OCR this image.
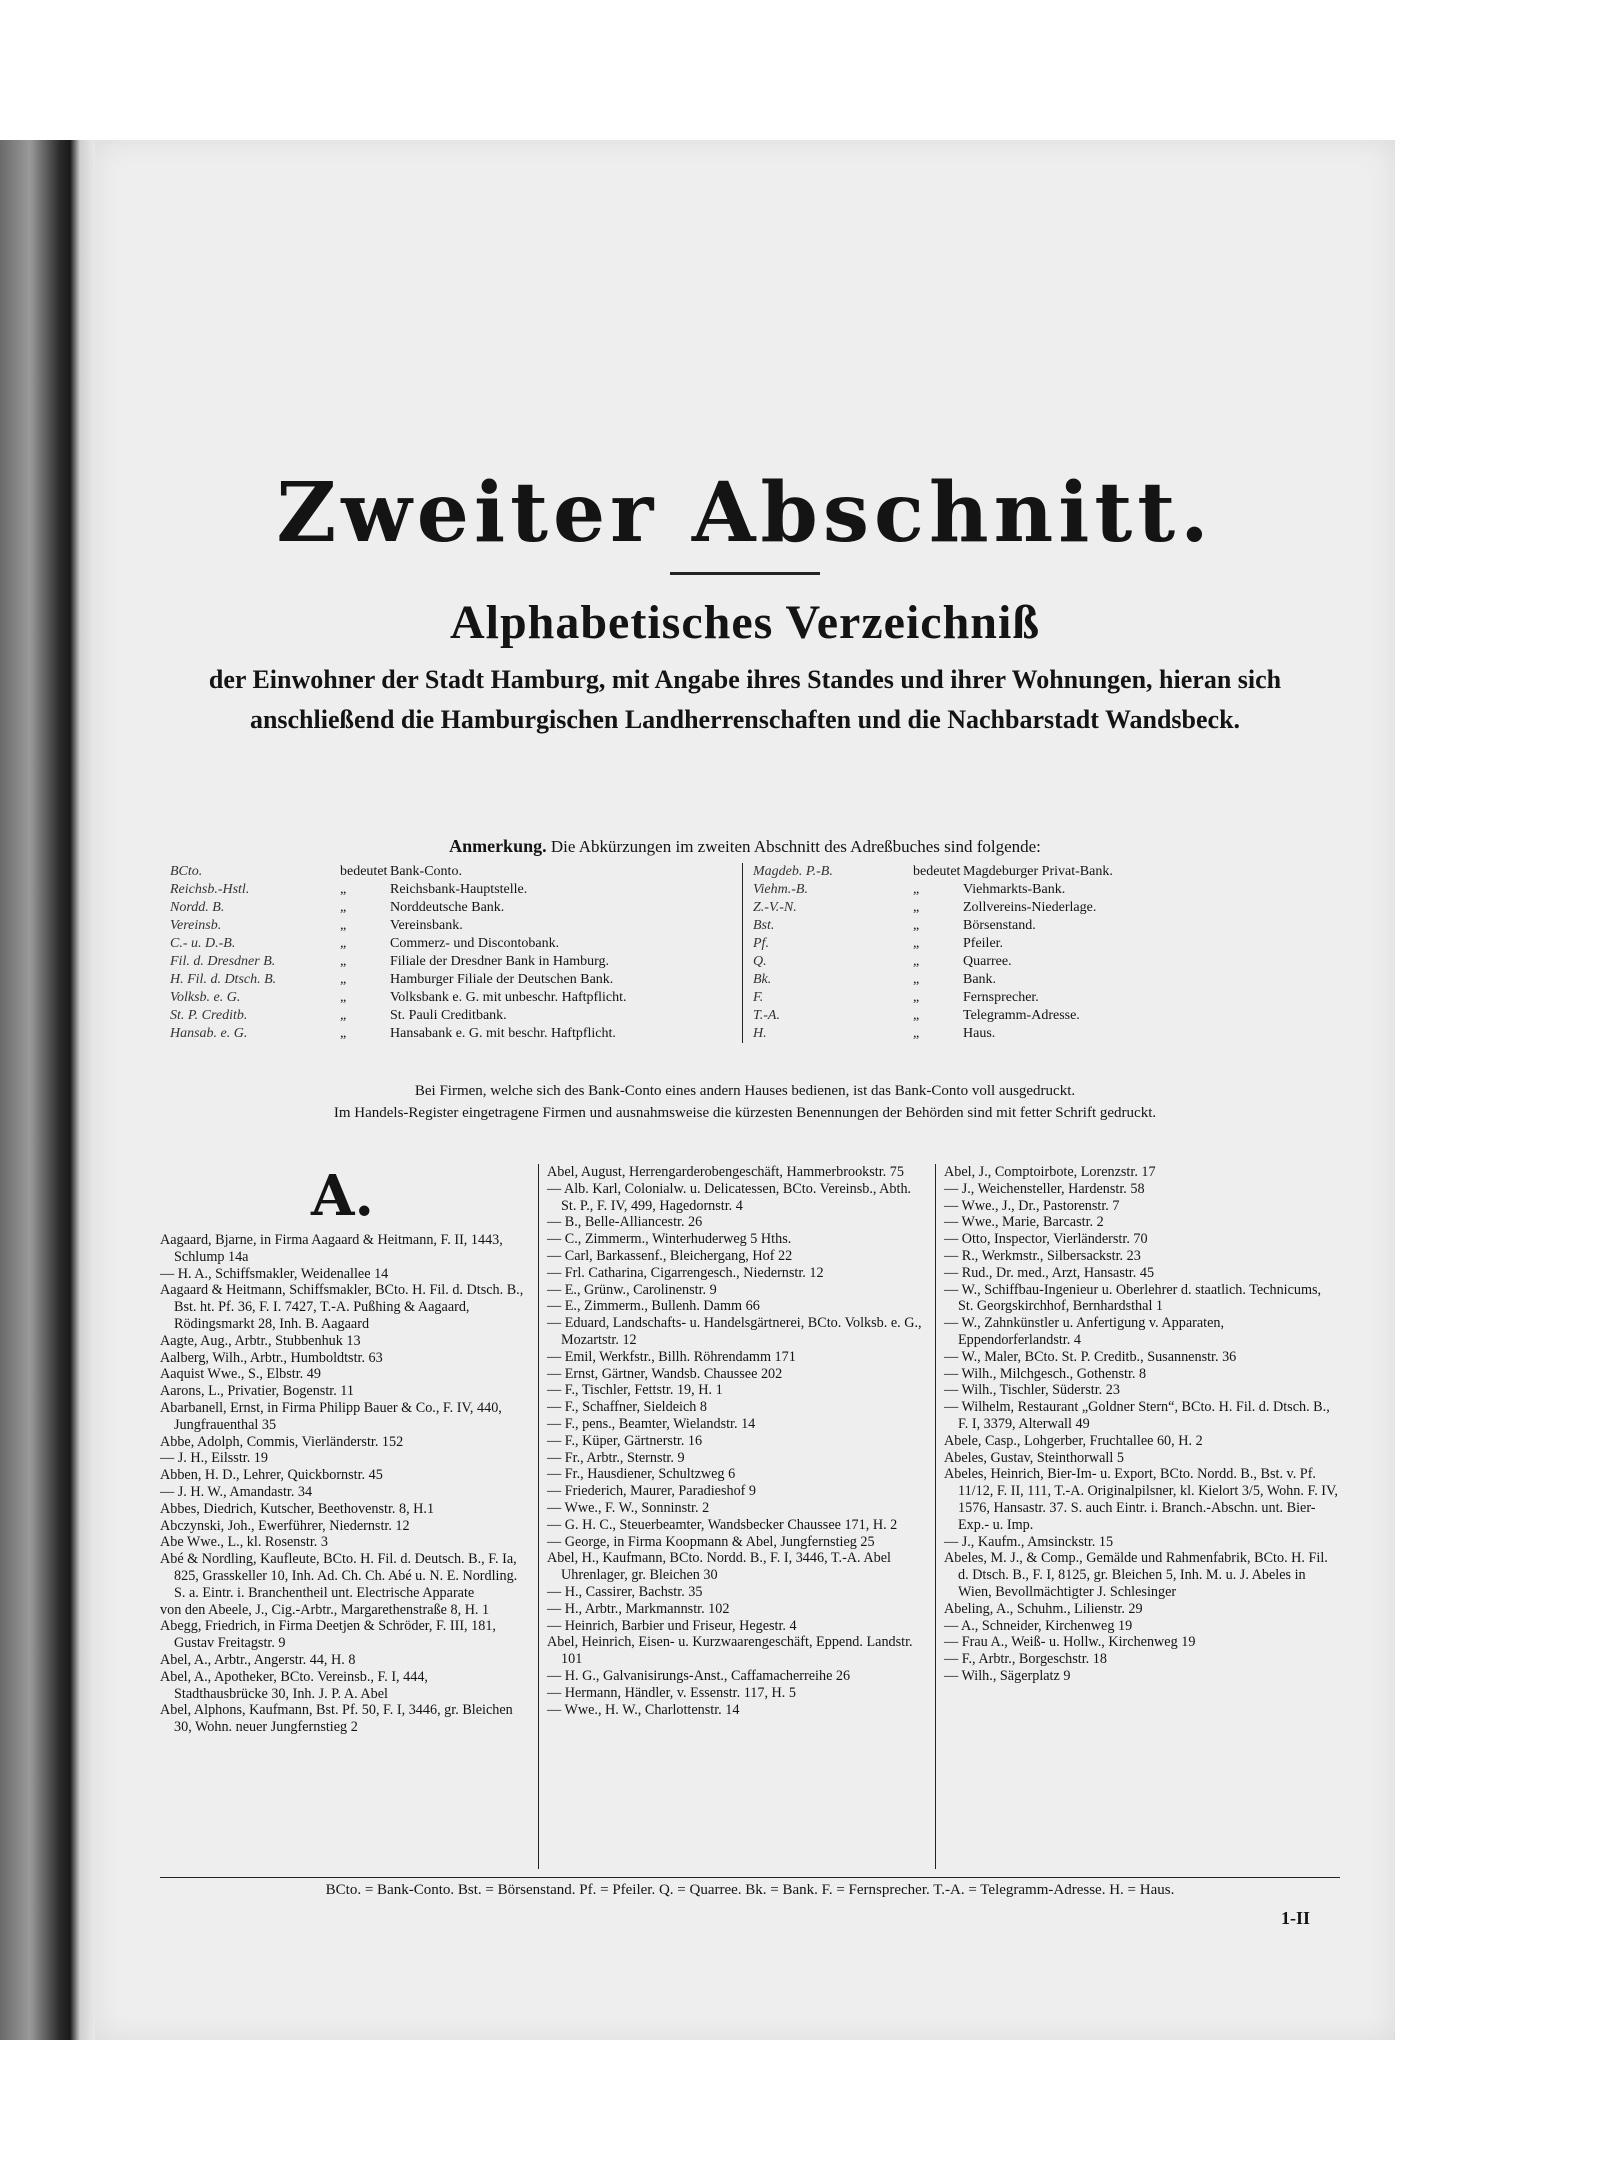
Zweiter Abschnitt.
Alphabetisches Verzeichniß
der Einwohner der Stadt Hamburg, mit Angabe ihres Standes und ihrer Wohnungen, hieran sich anschließend die Hamburgischen Landherrenschaften und die Nachbarstadt Wandsbeck.
Anmerkung. Die Abkürzungen im zweiten Abschnitt des Adreßbuches sind folgende:
BCto.	bedeutet Bank-Conto.
Reichsb.-Hstl.	„	Reichsbank-Hauptstelle.
Nordd. B.	„	Norddeutsche Bank.
Vereinsb.	„	Vereinsbank.
C.- u. D.-B.	„	Commerz- und Discontobank.
Fil. d. Dresdner B.	„	Filiale der Dresdner Bank in Hamburg.
H. Fil. d. Dtsch. B.	„	Hamburger Filiale der Deutschen Bank.
Volksb. e. G.	„	Volksbank e. G. mit unbeschr. Haftpflicht.
St. P. Creditb.	„	St. Pauli Creditbank.
Hansab. e. G.	„	Hansabank e. G. mit beschr. Haftpflicht.
Magdeb. P.-B.	bedeutet Magdeburger Privat-Bank.
Viehm.-B.	„	Viehmarkts-Bank.
Z.-V.-N.	„	Zollvereins-Niederlage.
Bst.	„	Börsenstand.
Pf.	„	Pfeiler.
Q.	„	Quarree.
Bk.	„	Bank.
F.	„	Fernsprecher.
T.-A.	„	Telegramm-Adresse.
H.	„	Haus.
Bei Firmen, welche sich des Bank-Conto eines andern Hauses bedienen, ist das Bank-Conto voll ausgedruckt.
Im Handels-Register eingetragene Firmen und ausnahmsweise die kürzesten Benennungen der Behörden sind mit fetter Schrift gedruckt.
A.

Aagaard, Bjarne, in Firma Aagaard & Heitmann, F. II, 1443, Schlump 14a

— H. A., Schiffsmakler, Weidenallee 14

Aagaard & Heitmann, Schiffsmakler, BCto. H. Fil. d. Dtsch. B., Bst. ht. Pf. 36, F. I. 7427, T.-A. Pußhing & Aagaard, Rödingsmarkt 28, Inh. B. Aagaard

Aagte, Aug., Arbtr., Stubbenhuk 13

Aalberg, Wilh., Arbtr., Humboldtstr. 63

Aaquist Wwe., S., Elbstr. 49

Aarons, L., Privatier, Bogenstr. 11

Abarbanell, Ernst, in Firma Philipp Bauer & Co., F. IV, 440, Jungfrauenthal 35

Abbe, Adolph, Commis, Vierländerstr. 152

— J. H., Eilsstr. 19

Abben, H. D., Lehrer, Quickbornstr. 45

— J. H. W., Amandastr. 34

Abbes, Diedrich, Kutscher, Beethovenstr. 8, H.1

Abczynski, Joh., Ewerführer, Niedernstr. 12

Abe Wwe., L., kl. Rosenstr. 3

Abé & Nordling, Kaufleute, BCto. H. Fil. d. Deutsch. B., F. Ia, 825, Grasskeller 10, Inh. Ad. Ch. Ch. Abé u. N. E. Nordling. S. a. Eintr. i. Branchentheil unt. Electrische Apparate

von den Abeele, J., Cig.-Arbtr., Margarethenstraße 8, H. 1

Abegg, Friedrich, in Firma Deetjen & Schröder, F. III, 181, Gustav Freitagstr. 9

Abel, A., Arbtr., Angerstr. 44, H. 8

Abel, A., Apotheker, BCto. Vereinsb., F. I, 444, Stadthausbrücke 30, Inh. J. P. A. Abel

Abel, Alphons, Kaufmann, Bst. Pf. 50, F. I, 3446, gr. Bleichen 30, Wohn. neuer Jungfernstieg 2

Abel, August, Herrengarderobengeschäft, Hammerbrookstr. 75

— Alb. Karl, Colonialw. u. Delicatessen, BCto. Vereinsb., Abth. St. P., F. IV, 499, Hagedornstr. 4

— B., Belle-Alliancestr. 26

— C., Zimmerm., Winterhuderweg 5 Hths.

— Carl, Barkassenf., Bleichergang, Hof 22

— Frl. Catharina, Cigarrengesch., Niedernstr. 12

— E., Grünw., Carolinenstr. 9

— E., Zimmerm., Bullenh. Damm 66

— Eduard, Landschafts- u. Handelsgärtnerei, BCto. Volksb. e. G., Mozartstr. 12

— Emil, Werkfstr., Billh. Röhrendamm 171

— Ernst, Gärtner, Wandsb. Chaussee 202

— F., Tischler, Fettstr. 19, H. 1

— F., Schaffner, Sieldeich 8

— F., pens., Beamter, Wielandstr. 14

— F., Küper, Gärtnerstr. 16

— Fr., Arbtr., Sternstr. 9

— Fr., Hausdiener, Schultzweg 6

— Friederich, Maurer, Paradieshof 9

— Wwe., F. W., Sonninstr. 2

— G. H. C., Steuerbeamter, Wandsbecker Chaussee 171, H. 2

— George, in Firma Koopmann & Abel, Jungfernstieg 25

Abel, H., Kaufmann, BCto. Nordd. B., F. I, 3446, T.-A. Abel Uhrenlager, gr. Bleichen 30

— H., Cassirer, Bachstr. 35

— H., Arbtr., Markmannstr. 102

— Heinrich, Barbier und Friseur, Hegestr. 4

Abel, Heinrich, Eisen- u. Kurzwaarengeschäft, Eppend. Landstr. 101

— H. G., Galvanisirungs-Anst., Caffamacherreihe 26

— Hermann, Händler, v. Essenstr. 117, H. 5

— Wwe., H. W., Charlottenstr. 14

Abel, J., Comptoirbote, Lorenzstr. 17

— J., Weichensteller, Hardenstr. 58

— Wwe., J., Dr., Pastorenstr. 7

— Wwe., Marie, Barcastr. 2

— Otto, Inspector, Vierländerstr. 70

— R., Werkmstr., Silbersackstr. 23

— Rud., Dr. med., Arzt, Hansastr. 45

— W., Schiffbau-Ingenieur u. Oberlehrer d. staatlich. Technicums, St. Georgskirchhof, Bernhardsthal 1

— W., Zahnkünstler u. Anfertigung v. Apparaten, Eppendorferlandstr. 4

— W., Maler, BCto. St. P. Creditb., Susannenstr. 36

— Wilh., Milchgesch., Gothenstr. 8

— Wilh., Tischler, Süderstr. 23

— Wilhelm, Restaurant „Goldner Stern“, BCto. H. Fil. d. Dtsch. B., F. I, 3379, Alterwall 49

Abele, Casp., Lohgerber, Fruchtallee 60, H. 2

Abeles, Gustav, Steinthorwall 5

Abeles, Heinrich, Bier-Im- u. Export, BCto. Nordd. B., Bst. v. Pf. 11/12, F. II, 111, T.-A. Originalpilsner, kl. Kielort 3/5, Wohn. F. IV, 1576, Hansastr. 37. S. auch Eintr. i. Branch.-Abschn. unt. Bier-Exp.- u. Imp.

— J., Kaufm., Amsinckstr. 15

Abeles, M. J., & Comp., Gemälde und Rahmenfabrik, BCto. H. Fil. d. Dtsch. B., F. I, 8125, gr. Bleichen 5, Inh. M. u. J. Abeles in Wien, Bevollmächtigter J. Schlesinger

Abeling, A., Schuhm., Lilienstr. 29

— A., Schneider, Kirchenweg 19

— Frau A., Weiß- u. Hollw., Kirchenweg 19

— F., Arbtr., Borgeschstr. 18

— Wilh., Sägerplatz 9

BCto. = Bank-Conto. Bst. = Börsenstand. Pf. = Pfeiler. Q. = Quarree. Bk. = Bank. F. = Fernsprecher. T.-A. = Telegramm-Adresse. H. = Haus.
1-II
